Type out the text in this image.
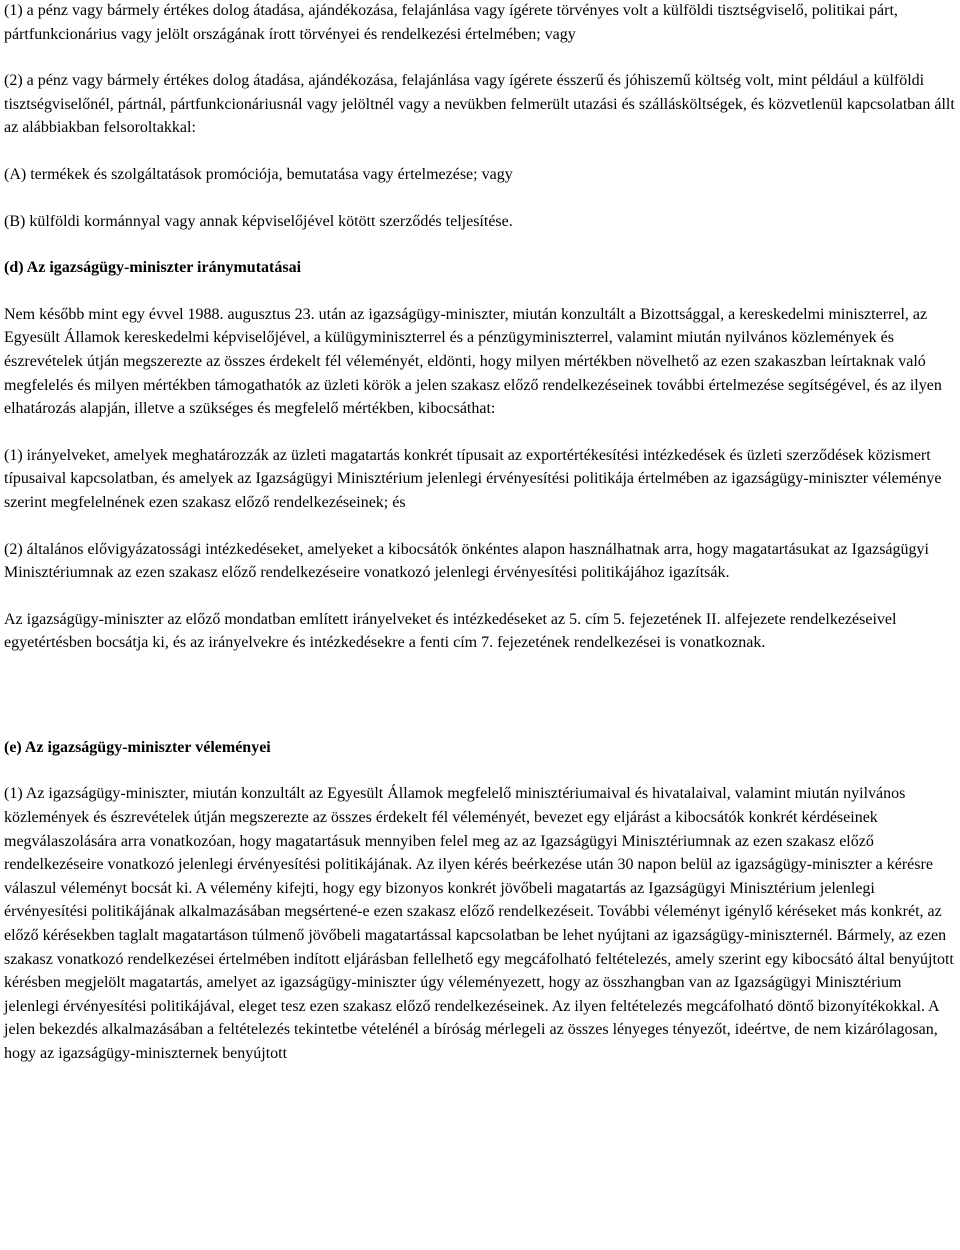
(1) a pénz vagy bármely értékes dolog átadása, ajándékozása, felajánlása vagy ígérete törvényes volt a külföldi tisztségviselő, politikai párt, pártfunkcionárius vagy jelölt országának írott törvényei és rendelkezési értelmében; vagy

(2) a pénz vagy bármely értékes dolog átadása, ajándékozása, felajánlása vagy ígérete ésszerű és jóhiszemű költség volt, mint például a külföldi tisztségviselőnél, pártnál, pártfunkcionáriusnál vagy jelöltnél vagy a nevükben felmerült utazási és szállásköltségek, és közvetlenül kapcsolatban állt az alábbiakban felsoroltakkal:

(A) termékek és szolgáltatások promóciója, bemutatása vagy értelmezése; vagy

(B) külföldi kormánnyal vagy annak képviselőjével kötött szerződés teljesítése.

(d) Az igazságügy-miniszter iránymutatásai

Nem később mint egy évvel 1988. augusztus 23. után az igazságügy-miniszter, miután konzultált a Bizottsággal, a kereskedelmi miniszterrel, az Egyesült Államok kereskedelmi képviselőjével, a külügyminiszterrel és a pénzügyminiszterrel, valamint miután nyilvános közlemények és észrevételek útján megszerezte az összes érdekelt fél véleményét, eldönti, hogy milyen mértékben növelhető az ezen szakaszban leírtaknak való megfelelés és milyen mértékben támogathatók az üzleti körök a jelen szakasz előző rendelkezéseinek további értelmezése segítségével, és az ilyen elhatározás alapján, illetve a szükséges és megfelelő mértékben, kibocsáthat:

(1) irányelveket, amelyek meghatározzák az üzleti magatartás konkrét típusait az exportértékesítési intézkedések és üzleti szerződések közismert típusaival kapcsolatban, és amelyek az Igazságügyi Minisztérium jelenlegi érvényesítési politikája értelmében az igazságügy-miniszter véleménye szerint megfelelnének ezen szakasz előző rendelkezéseinek; és

(2) általános elővigyázatossági intézkedéseket, amelyeket a kibocsátók önkéntes alapon használhatnak arra, hogy magatartásukat az Igazságügyi Minisztériumnak az ezen szakasz előző rendelkezéseire vonatkozó jelenlegi érvényesítési politikájához igazítsák.

Az igazságügy-miniszter az előző mondatban említett irányelveket és intézkedéseket az 5. cím 5. fejezetének II. alfejezete rendelkezéseivel egyetértésben bocsátja ki, és az irányelvekre és intézkedésekre a fenti cím 7. fejezetének rendelkezései is vonatkoznak.

(e) Az igazságügy-miniszter véleményei

(1) Az igazságügy-miniszter, miután konzultált az Egyesült Államok megfelelő minisztériumaival és hivatalaival, valamint miután nyilvános közlemények és észrevételek útján megszerezte az összes érdekelt fél véleményét, bevezet egy eljárást a kibocsátók konkrét kérdéseinek megválaszolására arra vonatkozóan, hogy magatartásuk mennyiben felel meg az az Igazságügyi Minisztériumnak az ezen szakasz előző rendelkezéseire vonatkozó jelenlegi érvényesítési politikájának. Az ilyen kérés beérkezése után 30 napon belül az igazságügy-miniszter a kérésre válaszul véleményt bocsát ki. A vélemény kifejti, hogy egy bizonyos konkrét jövőbeli magatartás az Igazságügyi Minisztérium jelenlegi érvényesítési politikájának alkalmazásában megsértené-e ezen szakasz előző rendelkezéseit. További véleményt igénylő kéréseket más konkrét, az előző kérésekben taglalt magatartáson túlmenő jövőbeli magatartással kapcsolatban be lehet nyújtani az igazságügy-miniszternél. Bármely, az ezen szakasz vonatkozó rendelkezései értelmében indított eljárásban fellelhető egy megcáfolható feltételezés, amely szerint egy kibocsátó által benyújtott kérésben megjelölt magatartás, amelyet az igazságügy-miniszter úgy véleményezett, hogy az összhangban van az Igazságügyi Minisztérium jelenlegi érvényesítési politikájával, eleget tesz ezen szakasz előző rendelkezéseinek. Az ilyen feltételezés megcáfolható döntő bizonyítékokkal. A jelen bekezdés alkalmazásában a feltételezés tekintetbe vételénél a bíróság mérlegeli az összes lényeges tényezőt, ideértve, de nem kizárólagosan, hogy az igazságügy-miniszternek benyújtott
